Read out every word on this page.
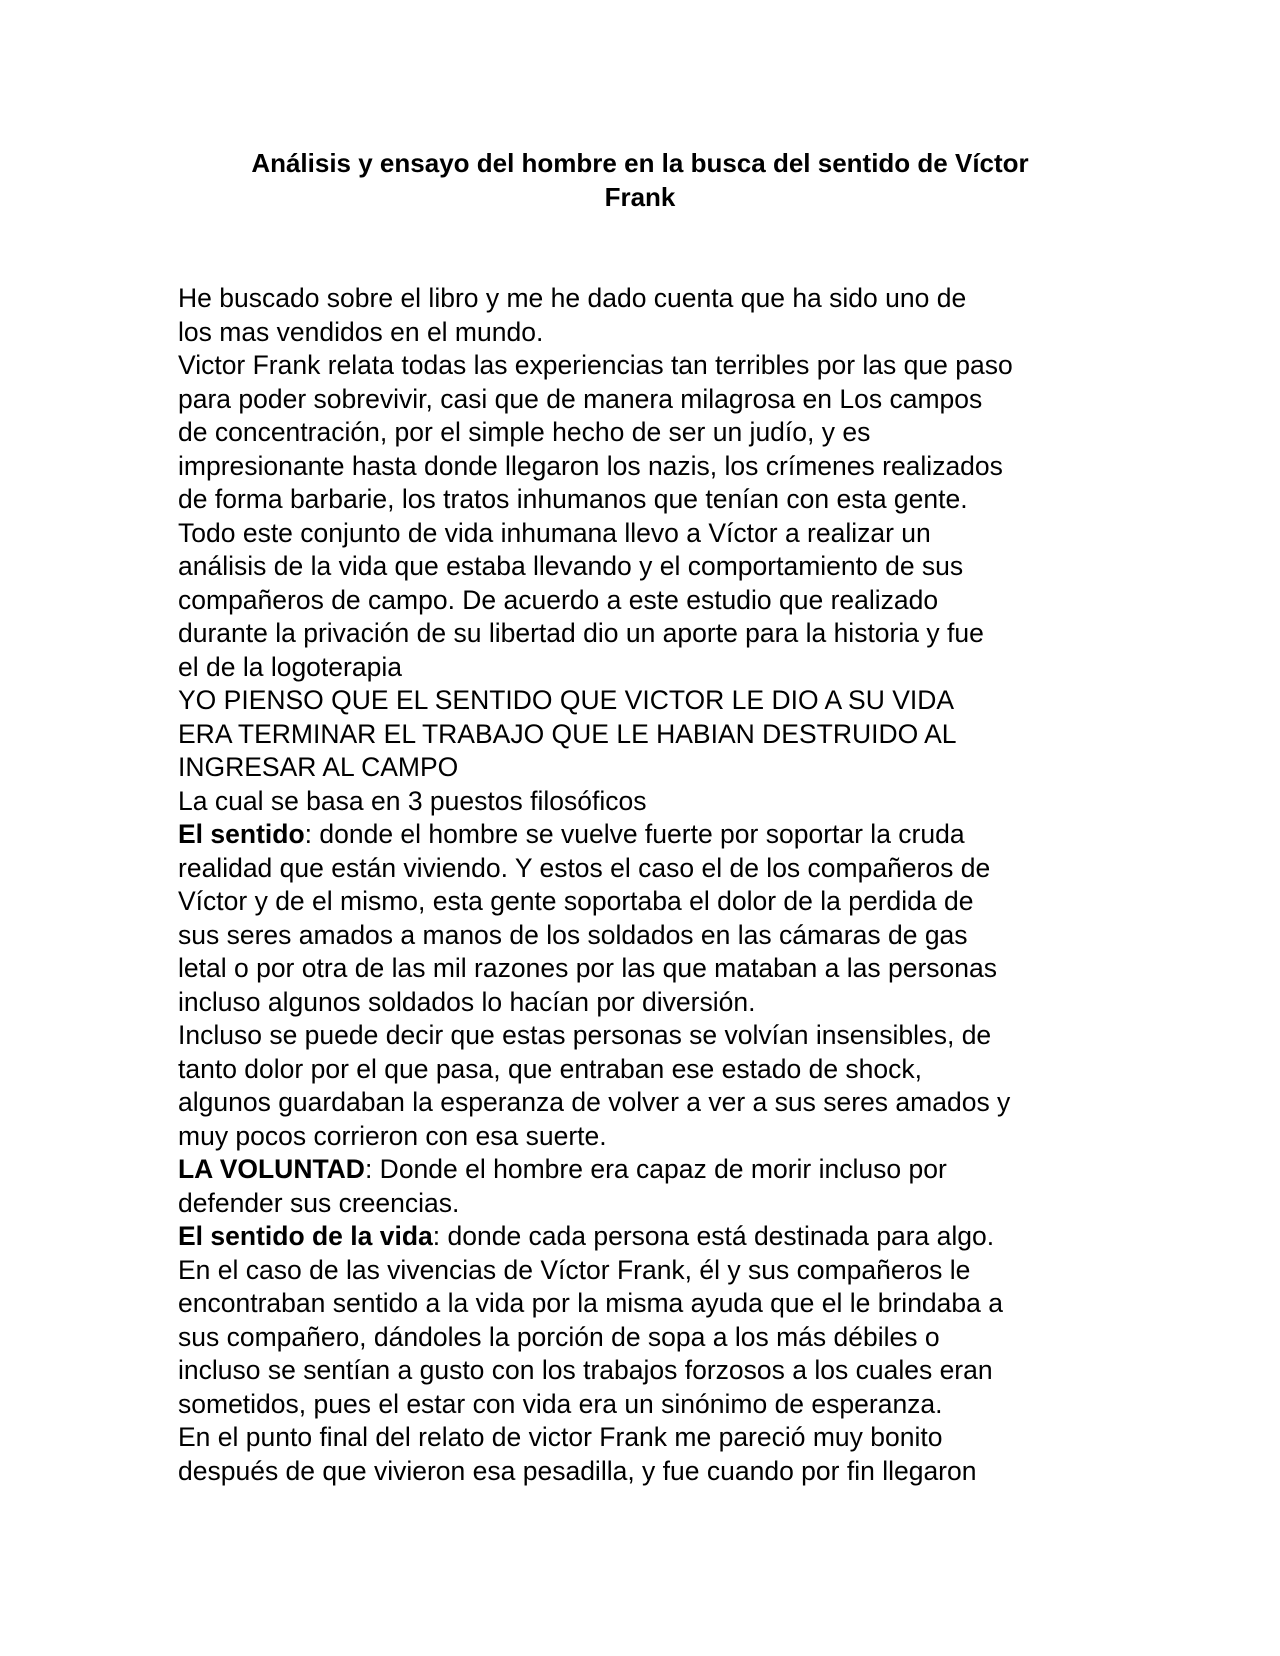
Análisis y ensayo del hombre en la busca del sentido de Víctor
Frank
He buscado sobre el libro y me he dado cuenta que ha sido uno de
los mas vendidos en el mundo.
Victor Frank relata todas las experiencias tan terribles por las que paso
para poder sobrevivir, casi que de manera milagrosa en Los campos
de concentración, por el simple hecho de ser un judío, y es
impresionante hasta donde llegaron los nazis, los crímenes realizados
de forma barbarie, los tratos inhumanos que tenían con esta gente.
Todo este conjunto de vida inhumana llevo a Víctor a realizar un
análisis de la vida que estaba llevando y el comportamiento de sus
compañeros de campo. De acuerdo a este estudio que realizado
durante la privación de su libertad dio un aporte para la historia y fue
el de la logoterapia
YO PIENSO QUE EL SENTIDO QUE VICTOR LE DIO A SU VIDA
ERA TERMINAR EL TRABAJO QUE LE HABIAN DESTRUIDO AL
INGRESAR AL CAMPO
La cual se basa en 3 puestos filosóficos
El sentido: donde el hombre se vuelve fuerte por soportar la cruda
realidad que están viviendo. Y estos el caso el de los compañeros de
Víctor y de el mismo, esta gente soportaba el dolor de la perdida de
sus seres amados a manos de los soldados en las cámaras de gas
letal o por otra de las mil razones por las que mataban a las personas
incluso algunos soldados lo hacían por diversión.
Incluso se puede decir que estas personas se volvían insensibles, de
tanto dolor por el que pasa, que entraban ese estado de shock,
algunos guardaban la esperanza de volver a ver a sus seres amados y
muy pocos corrieron con esa suerte.
LA VOLUNTAD: Donde el hombre era capaz de morir incluso por
defender sus creencias.
El sentido de la vida: donde cada persona está destinada para algo.
En el caso de las vivencias de Víctor Frank, él y sus compañeros le
encontraban sentido a la vida por la misma ayuda que el le brindaba a
sus compañero, dándoles la porción de sopa a los más débiles o
incluso se sentían a gusto con los trabajos forzosos a los cuales eran
sometidos, pues el estar con vida era un sinónimo de esperanza.
En el punto final del relato de victor Frank me pareció muy bonito
después de que vivieron esa pesadilla, y fue cuando por fin llegaron
